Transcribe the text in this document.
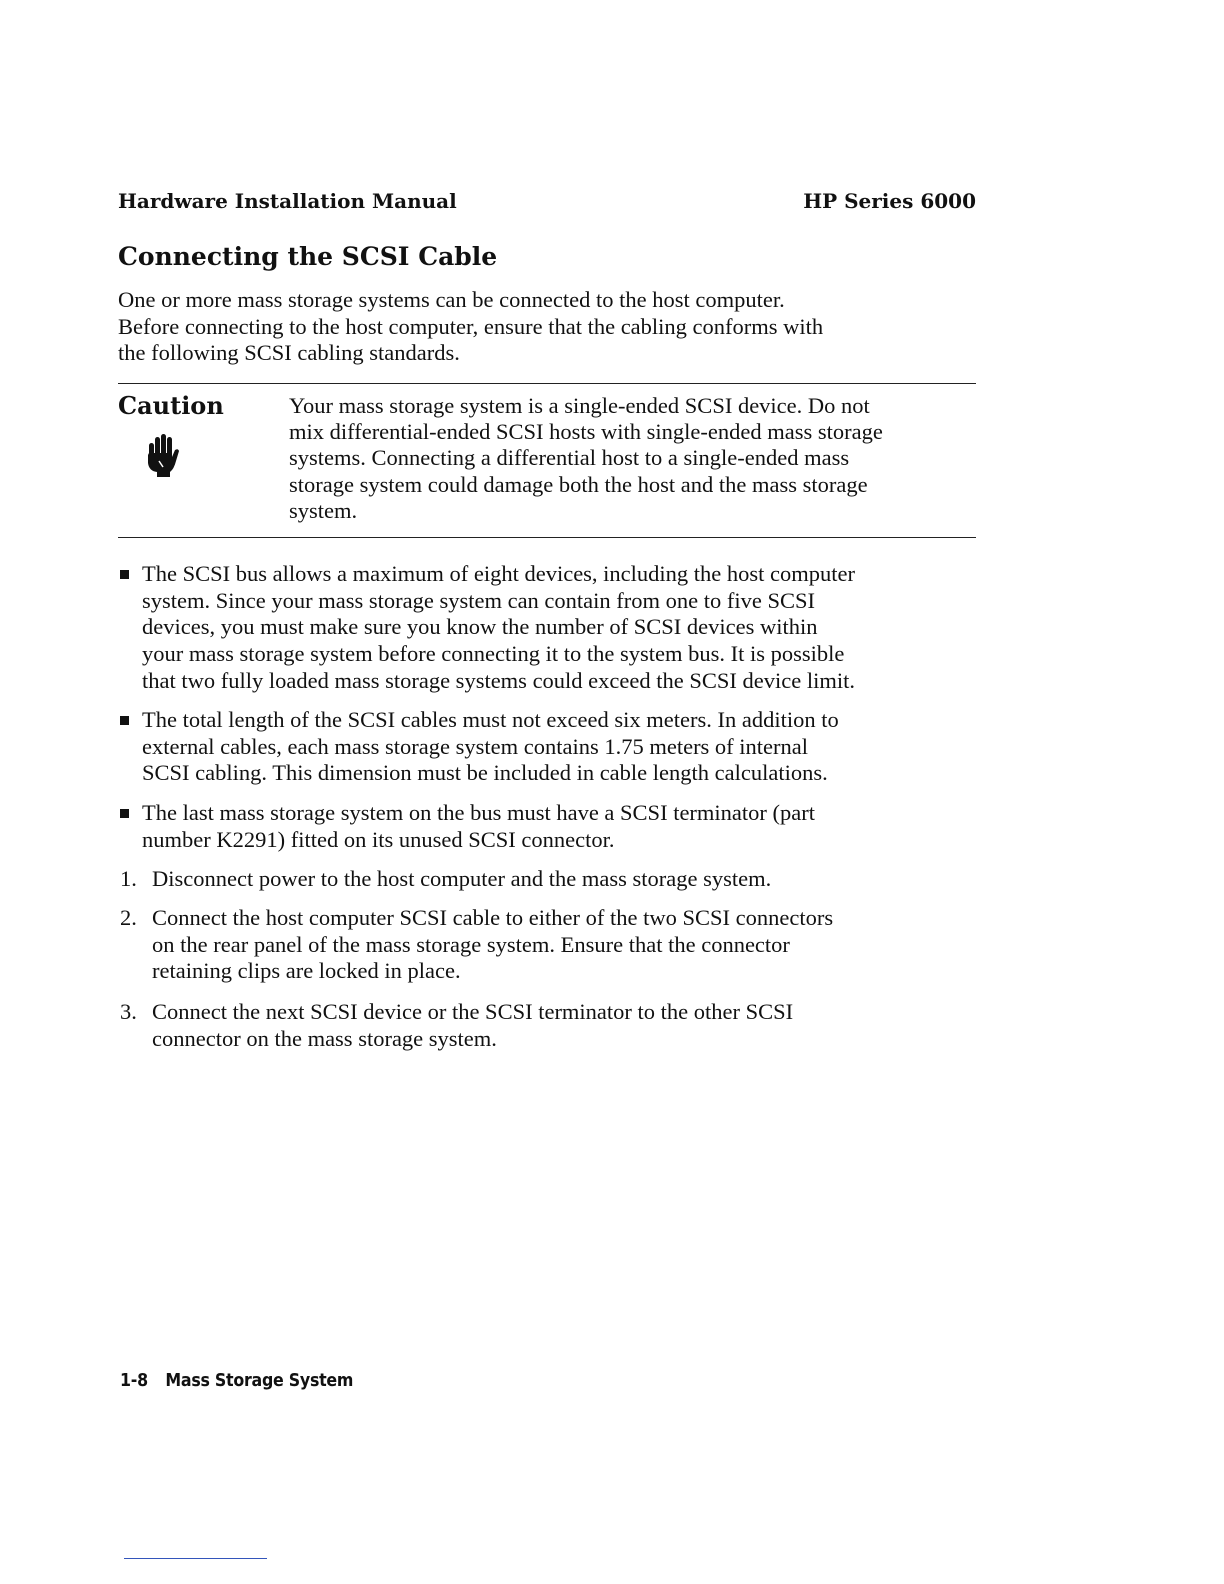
Hardware Installation Manual	HP Series 6000
Connecting the SCSI Cable
One or more mass storage systems can be connected to the host computer.
Before connecting to the host computer, ensure that the cabling conforms with
the following SCSI cabling standards.
Caution	Your mass storage system is a single-ended SCSI device. Do not
mix differential-ended SCSI hosts with single-ended mass storage
systems. Connecting a differential host to a single-ended mass
storage system could damage both the host and the mass storage
system.
The SCSI bus allows a maximum of eight devices, including the host computer
system. Since your mass storage system can contain from one to five SCSI
devices, you must make sure you know the number of SCSI devices within
your mass storage system before connecting it to the system bus. It is possible
that two fully loaded mass storage systems could exceed the SCSI device limit.
The total length of the SCSI cables must not exceed six meters. In addition to
external cables, each mass storage system contains 1.75 meters of internal
SCSI cabling. This dimension must be included in cable length calculations.
The last mass storage system on the bus must have a SCSI terminator (part
number K2291) fitted on its unused SCSI connector.
1. Disconnect power to the host computer and the mass storage system.
2. Connect the host computer SCSI cable to either of the two SCSI connectors
on the rear panel of the mass storage system. Ensure that the connector
retaining clips are locked in place.
3. Connect the next SCSI device or the SCSI terminator to the other SCSI
connector on the mass storage system.
1-8 Mass Storage System
